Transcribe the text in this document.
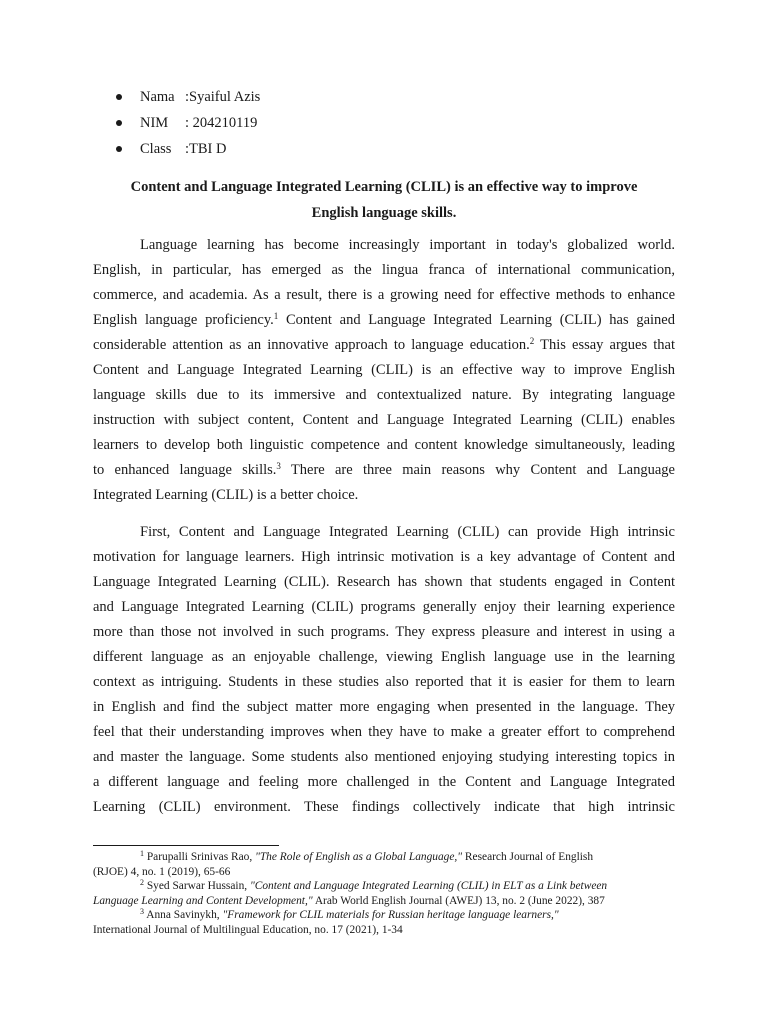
Nama :Syaiful Azis
NIM : 204210119
Class :TBI D
Content and Language Integrated Learning (CLIL) is an effective way to improve
English language skills.
Language learning has become increasingly important in today's globalized world.
English, in particular, has emerged as the lingua franca of international communication,
commerce, and academia. As a result, there is a growing need for effective methods to enhance
English language proficiency.$^1$ Content and Language Integrated Learning (CLIL) has gained
considerable attention as an innovative approach to language education.$^2$ This essay argues that
Content and Language Integrated Learning (CLIL) is an effective way to improve English
language skills due to its immersive and contextualized nature. By integrating language
instruction with subject content, Content and Language Integrated Learning (CLIL) enables
learners to develop both linguistic competence and content knowledge simultaneously, leading
to enhanced language skills.$^3$ There are three main reasons why Content and Language
Integrated Learning (CLIL) is a better choice.
First, Content and Language Integrated Learning (CLIL) can provide High intrinsic
motivation for language learners. High intrinsic motivation is a key advantage of Content and
Language Integrated Learning (CLIL). Research has shown that students engaged in Content
and Language Integrated Learning (CLIL) programs generally enjoy their learning experience
more than those not involved in such programs. They express pleasure and interest in using a
different language as an enjoyable challenge, viewing English language use in the learning
context as intriguing. Students in these studies also reported that it is easier for them to learn
in English and find the subject matter more engaging when presented in the language. They
feel that their understanding improves when they have to make a greater effort to comprehend
and master the language. Some students also mentioned enjoying studying interesting topics in
a different language and feeling more challenged in the Content and Language Integrated
Learning (CLIL) environment. These findings collectively indicate that high intrinsic
$^1$ Parupalli Srinivas Rao, "The Role of English as a Global Language," Research Journal of English
(RJOE) 4, no. 1 (2019), 65-66
$^2$ Syed Sarwar Hussain, "Content and Language Integrated Learning (CLIL) in ELT as a Link between
Language Learning and Content Development," Arab World English Journal (AWEJ) 13, no. 2 (June 2022), 387
$^3$ Anna Savinykh, "Framework for CLIL materials for Russian heritage language learners,"
International Journal of Multilingual Education, no. 17 (2021), 1-34
